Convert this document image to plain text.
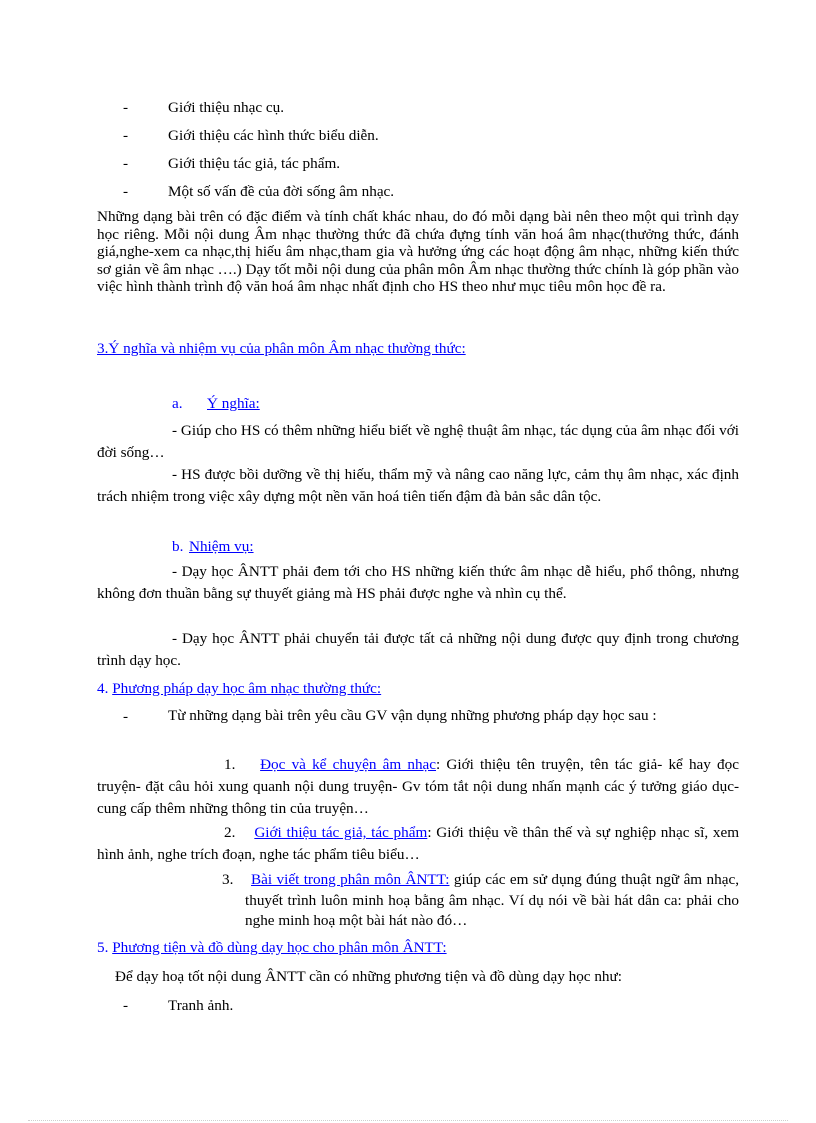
-	Giới thiệu nhạc cụ.
-	Giới thiệu các hình thức biểu diễn.
-	Giới thiệu tác giả, tác phẩm.
-	Một số vấn đề của đời sống âm nhạc.
Những dạng bài trên có đặc điểm và tính chất khác nhau, do đó mỗi dạng bài nên theo một qui trình dạy học riêng. Mỗi nội dung Âm nhạc thường thức đã chứa đựng tính văn hoá âm nhạc(thưởng thức, đánh giá,nghe-xem ca nhạc,thị hiếu âm nhạc,tham gia và hưởng ứng các hoạt động âm nhạc, những kiến thức sơ giản về âm nhạc ….) Dạy tốt mỗi nội dung của phân môn Âm nhạc thường thức chính là góp phần vào việc hình thành trình độ văn hoá âm nhạc nhất định cho HS theo như mục tiêu môn học đề ra.
3.Ý nghĩa và nhiệm vụ của phân môn Âm nhạc thường thức:
a. Ý nghĩa:
- Giúp cho HS có thêm những hiểu biết về nghệ thuật âm nhạc, tác dụng của âm nhạc đối với đời sống…
- HS được bồi dưỡng về thị hiếu, thẩm mỹ và nâng cao năng lực, cảm thụ âm nhạc, xác định trách nhiệm trong việc xây dựng một nền văn hoá tiên tiến đậm đà bản sắc dân tộc.
b. Nhiệm vụ:
- Dạy học ÂNTT phải đem tới cho HS những kiến thức âm nhạc dễ hiểu, phổ thông, nhưng không đơn thuần bằng sự thuyết giảng mà HS phải được nghe và nhìn cụ thể.
- Dạy học ÂNTT phải chuyển tải được tất cả những nội dung được quy định trong chương trình dạy học.
4. Phương pháp dạy học âm nhạc thường thức:
-	Từ những dạng bài trên yêu cầu GV vận dụng những phương pháp dạy học sau :
1. Đọc và kể chuyện âm nhạc: Giới thiệu tên truyện, tên tác giả- kể hay đọc truyện- đặt câu hỏi xung quanh nội dung truyện- Gv tóm tắt nội dung nhấn mạnh các ý tưởng giáo dục- cung cấp thêm những thông tin của truyện…
2. Giới thiệu tác giả, tác phẩm: Giới thiệu về thân thế và sự nghiệp nhạc sĩ, xem hình ảnh, nghe trích đoạn, nghe tác phẩm tiêu biểu…
3. Bài viết trong phân môn ÂNTT: giúp các em sử dụng đúng thuật ngữ âm nhạc, thuyết trình luôn minh hoạ bằng âm nhạc. Ví dụ nói về bài hát dân ca: phải cho nghe minh hoạ một bài hát nào đó…
5. Phương tiện và đồ dùng dạy học cho phân môn ÂNTT:
Để dạy hoạ tốt nội dung ÂNTT cần có những phương tiện và đồ dùng dạy học như:
-	Tranh ảnh.
